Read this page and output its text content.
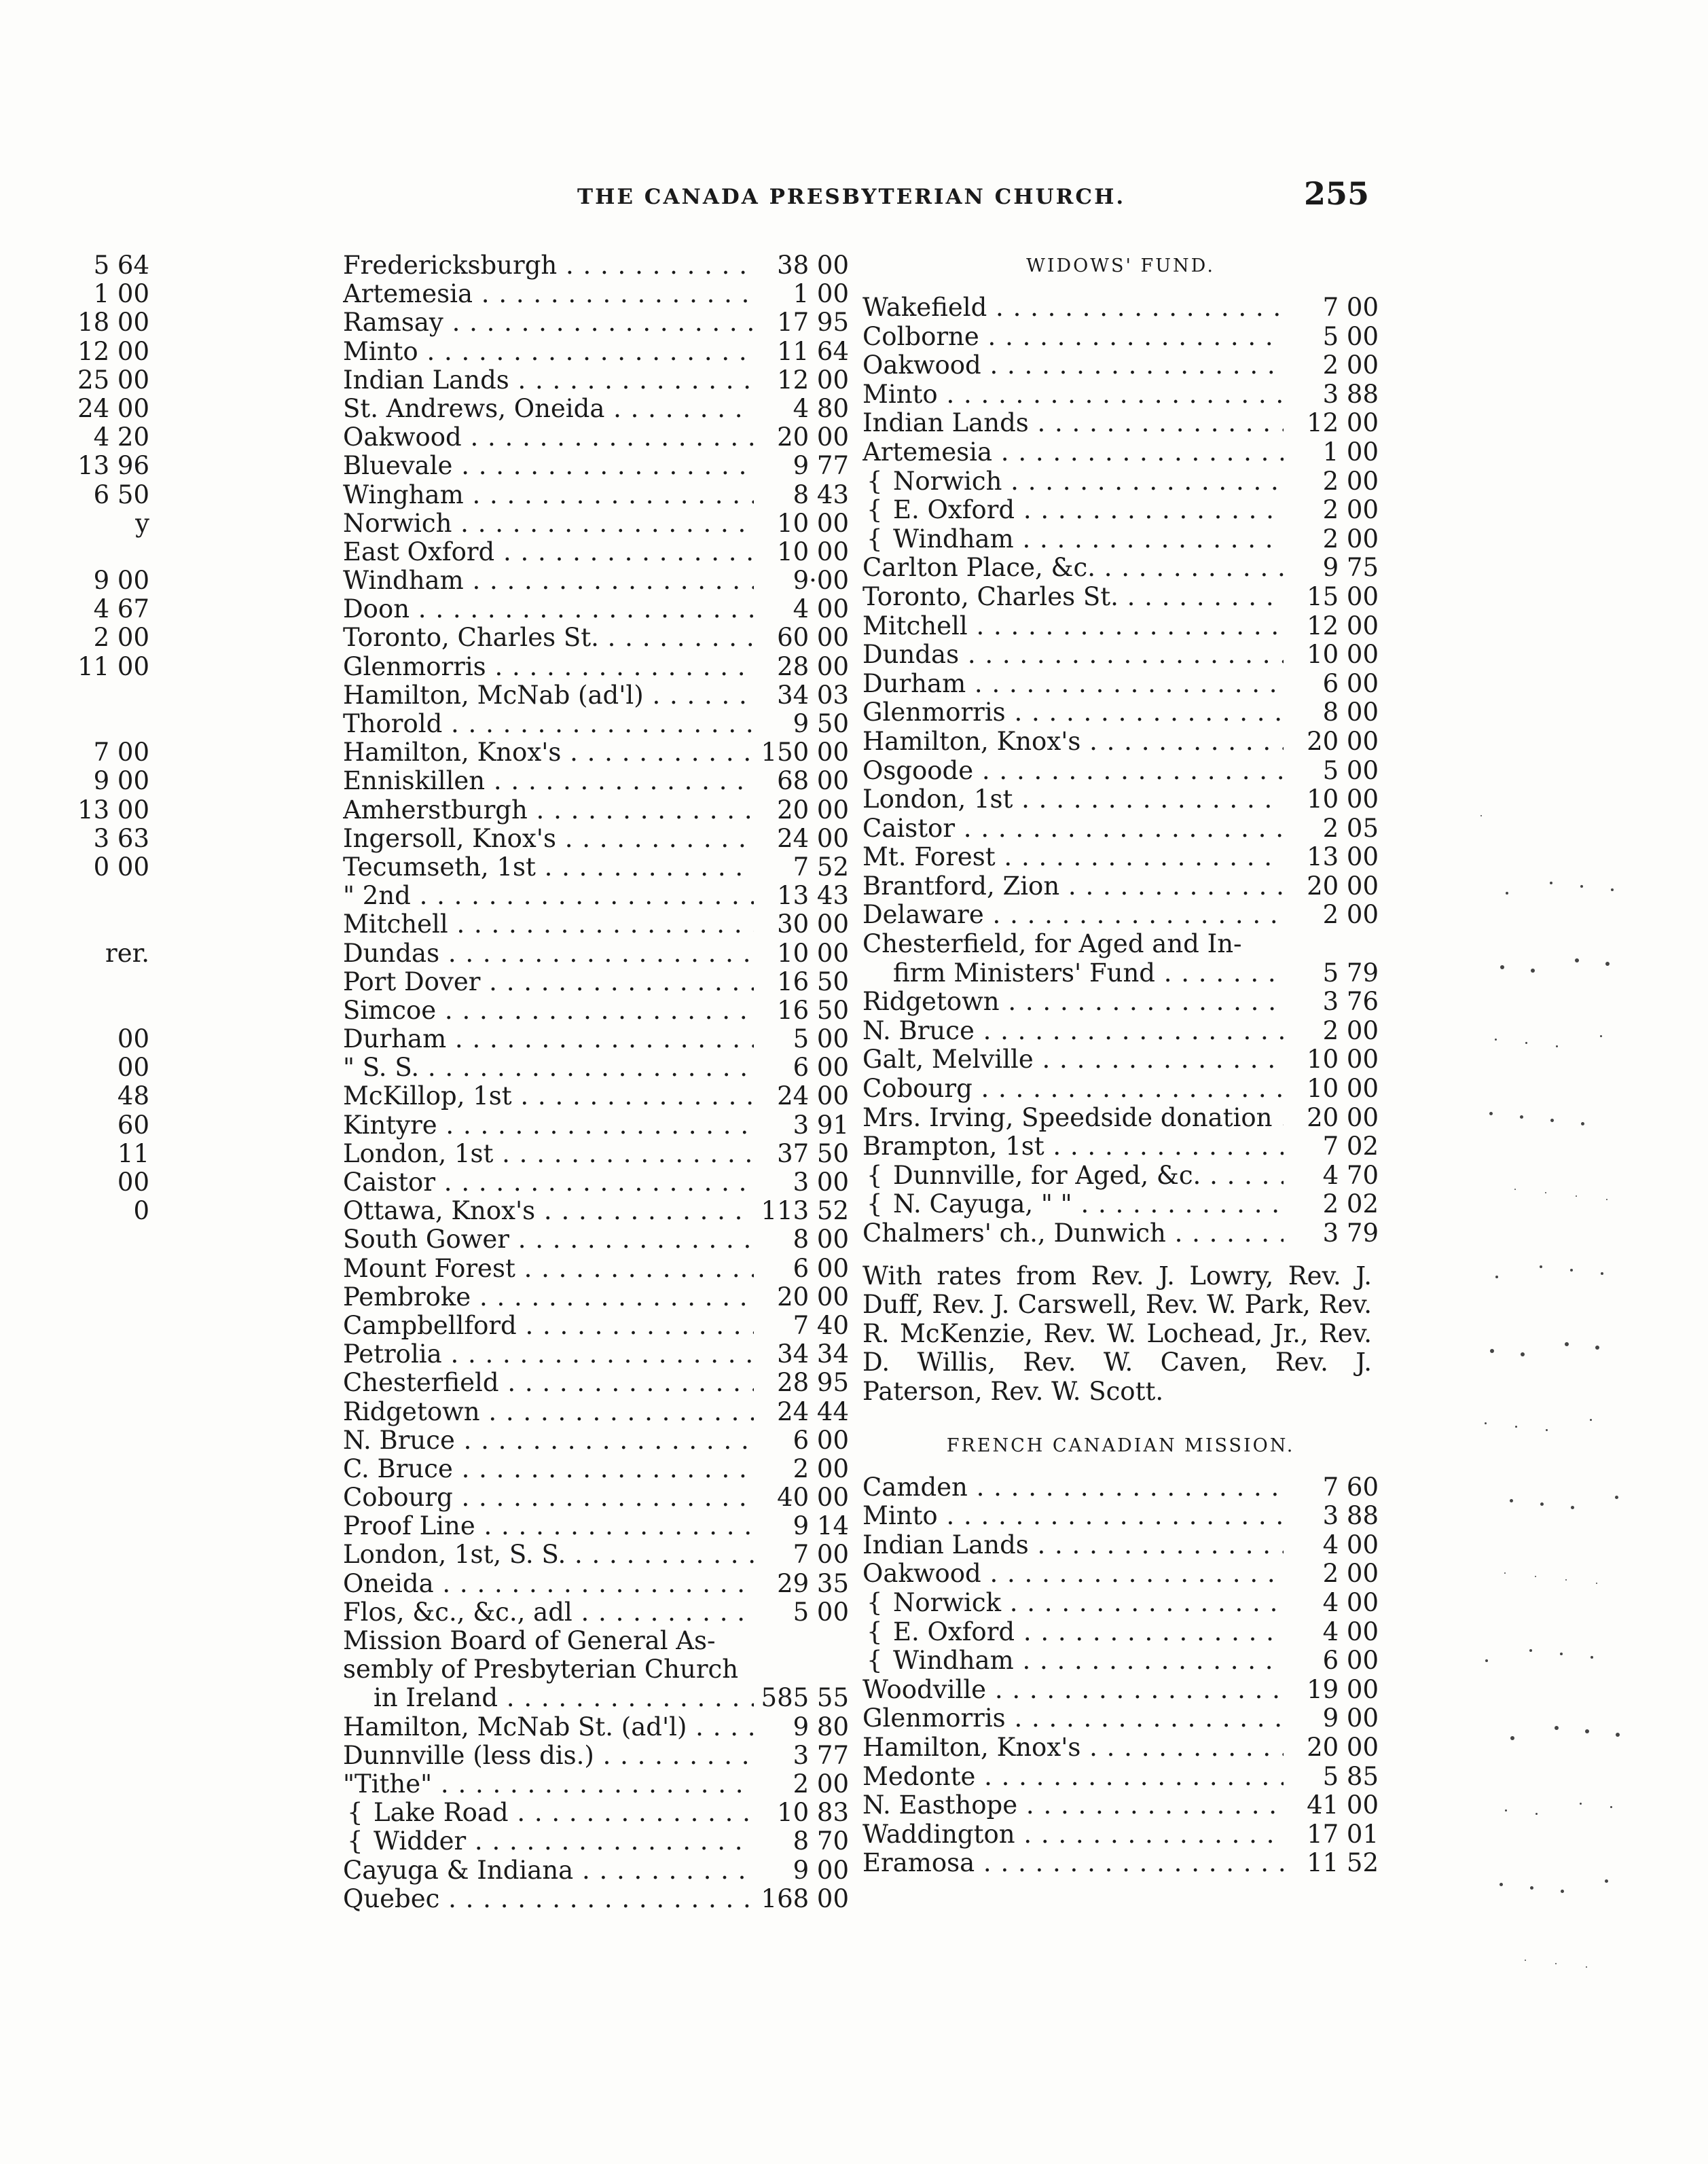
THE CANADA PRESBYTERIAN CHURCH.	255
5 64
1 00
18 00
12 00
25 00
24 00
4 20
13 96
6 50
y
9 00
4 67
2 00
11 00
7 00
9 00
13 00
3 63
0 00
rer.
00
00
48
60
11
00
0
Fredericksburgh . . .	38 00
Artemesia . . .	1 00
Ramsay . . .	17 95
Minto . . .	11 64
Indian Lands . . .	12 00
St. Andrews, Oneida . . .	4 80
Oakwood . . .	20 00
Bluevale . . .	9 77
Wingham . . .	8 43
Norwich . . .	10 00
East Oxford . . .	10 00
Windham . . .	9·00
Doon . . .	4 00
Toronto, Charles St. . . .	60 00
Glenmorris . . .	28 00
Hamilton, McNab (ad'l) . . .	34 03
Thorold . . .	9 50
Hamilton, Knox's . . .	150 00
Enniskillen . . .	68 00
Amherstburgh . . .	20 00
Ingersoll, Knox's . . .	24 00
Tecumseth, 1st . . .	7 52
" 2nd . . .	13 43
Mitchell . . .	30 00
Dundas . . .	10 00
Port Dover . . .	16 50
Simcoe . . .	16 50
Durham . . .	5 00
" S. S. . . .	6 00
McKillop, 1st . . .	24 00
Kintyre . . .	3 91
London, 1st . . .	37 50
Caistor . . .	3 00
Ottawa, Knox's . . .	113 52
South Gower . . .	8 00
Mount Forest . . .	6 00
Pembroke . . .	20 00
Campbellford . . .	7 40
Petrolia . . .	34 34
Chesterfield . . .	28 95
Ridgetown . . .	24 44
N. Bruce . . .	6 00
C. Bruce . . .	2 00
Cobourg . . .	40 00
Proof Line . . .	9 14
London, 1st, S. S. . . .	7 00
Oneida . . .	29 35
Flos, &c., &c., adl . . .	5 00
Mission Board of General As-
sembly of Presbyterian Church
in Ireland . . .	585 55
Hamilton, McNab St. (ad'l) . . .	9 80
Dunnville (less dis.) . . .	3 77
"Tithe" . . .	2 00
{ Lake Road . . .	10 83
{ Widder . . .	8 70
Cayuga & Indiana . . .	9 00
Quebec . . .	168 00
WIDOWS' FUND.
Wakefield . . .	7 00
Colborne . . .	5 00
Oakwood . . .	2 00
Minto . . .	3 88
Indian Lands . . .	12 00
Artemesia . . .	1 00
{ Norwich . . .	2 00
{ E. Oxford . . .	2 00
{ Windham . . .	2 00
Carlton Place, &c. . . .	9 75
Toronto, Charles St. . . .	15 00
Mitchell . . .	12 00
Dundas . . .	10 00
Durham . . .	6 00
Glenmorris . . .	8 00
Hamilton, Knox's . . .	20 00
Osgoode . . .	5 00
London, 1st . . .	10 00
Caistor . . .	2 05
Mt. Forest . . .	13 00
Brantford, Zion . . .	20 00
Delaware . . .	2 00
Chesterfield, for Aged and In-
firm Ministers' Fund . . .	5 79
Ridgetown . . .	3 76
N. Bruce . . .	2 00
Galt, Melville . . .	10 00
Cobourg . . .	10 00
Mrs. Irving, Speedside donation . . .	20 00
Brampton, 1st . . .	7 02
{ Dunnville, for Aged, &c. . . .	4 70
{ N. Cayuga, " " . . .	2 02
Chalmers' ch., Dunwich . . .	3 79
With rates from Rev. J. Lowry, Rev. J. Duff, Rev. J. Carswell, Rev. W. Park, Rev. R. McKenzie, Rev. W. Lochead, Jr., Rev. D. Willis, Rev. W. Caven, Rev. J. Paterson, Rev. W. Scott.
FRENCH CANADIAN MISSION.
Camden . . .	7 60
Minto . . .	3 88
Indian Lands . . .	4 00
Oakwood . . .	2 00
{ Norwick . . .	4 00
{ E. Oxford . . .	4 00
{ Windham . . .	6 00
Woodville . . .	19 00
Glenmorris . . .	9 00
Hamilton, Knox's . . .	20 00
Medonte . . .	5 85
N. Easthope . . .	41 00
Waddington . . .	17 01
Eramosa . . .	11 52
